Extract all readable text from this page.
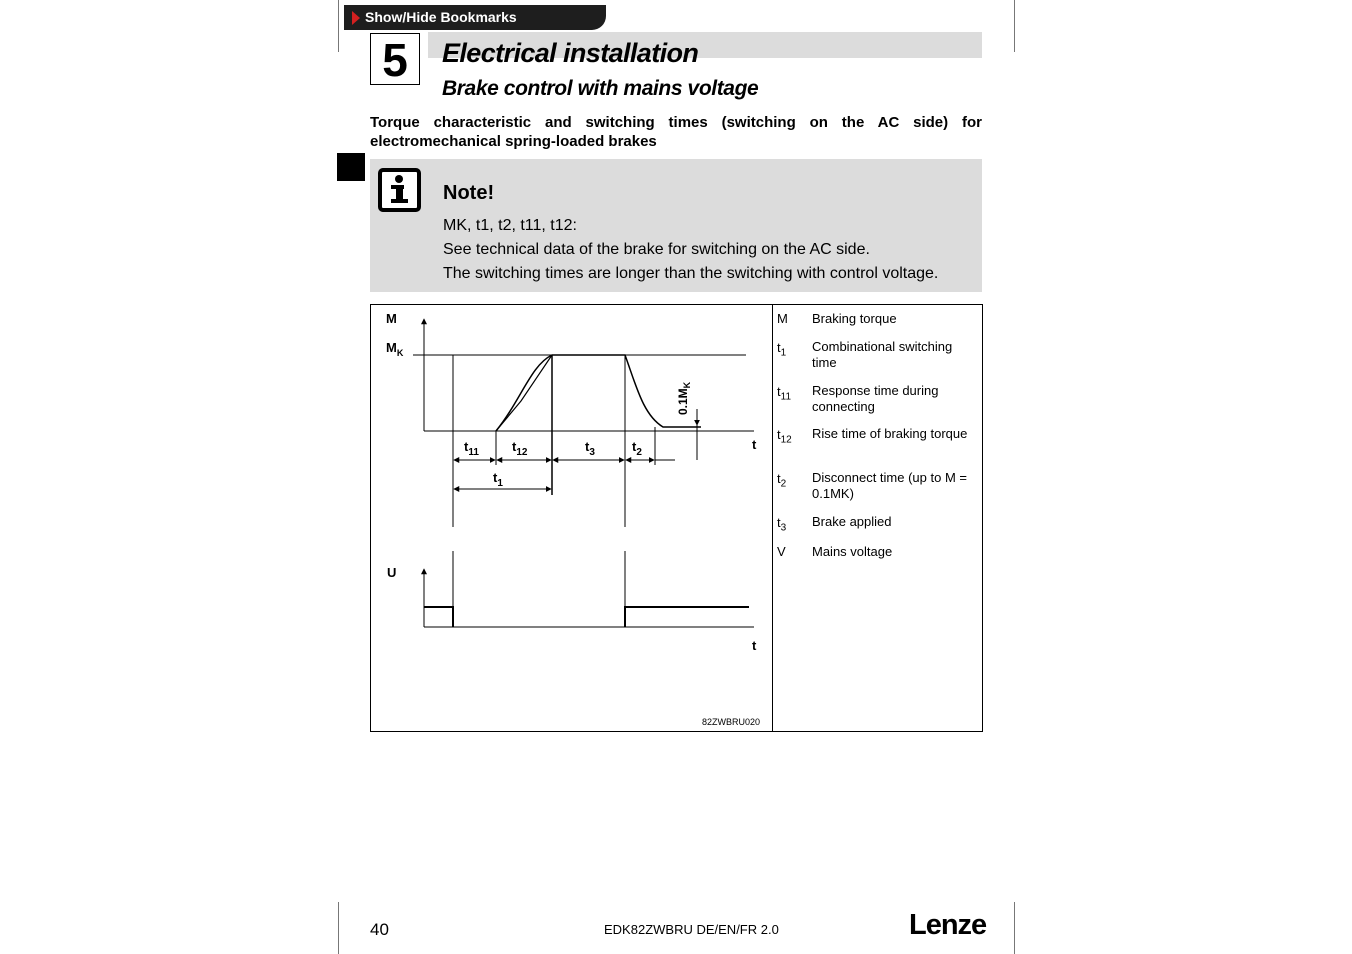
Show/Hide Bookmarks
5	Electrical installation
Brake control with mains voltage
Torque characteristic and switching times (switching on the AC side) for electromechanical spring-loaded brakes
Note!
MK, t1, t2, t11, t12:
See technical data of the brake for switching on the AC side.
The switching times are longer than the switching with control voltage.
$0.1M_K$
M
$M_K$
t
$t_{11}$	$t_{12}$	$t_3$	$t_2$
$t_1$
U
t
82ZWBRU020
M Braking torque
$t_1$ Combinational switching time
$t_{11}$ Response time during connecting
$t_{12}$ Rise time of braking torque
$t_2$ Disconnect time (up to M = 0.1MK)
$t_3$ Brake applied
V Mains voltage
40	EDK82ZWBRU DE/EN/FR 2.0	Lenze
